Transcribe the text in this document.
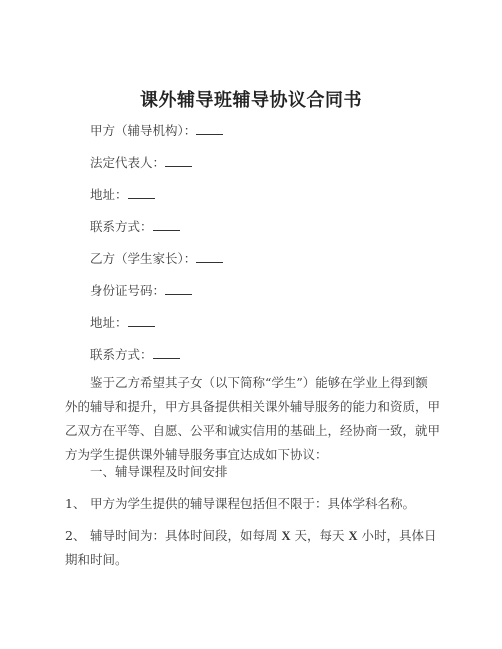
课外辅导班辅导协议合同书
甲方（辅导机构）：
法定代表人：
地址：
联系方式：
乙方（学生家长）：
身份证号码：
地址：
联系方式：
鉴于乙方希望其子女（以下简称“学生”）能够在学业上得到额外的辅导和提升，甲方具备提供相关课外辅导服务的能力和资质，甲乙双方在平等、自愿、公平和诚实信用的基础上，经协商一致，就甲方为学生提供课外辅导服务事宜达成如下协议：
一、辅导课程及时间安排
1、 甲方为学生提供的辅导课程包括但不限于：具体学科名称。
2、 辅导时间为：具体时间段，如每周 X 天，每天 X 小时，具体日期和时间。
